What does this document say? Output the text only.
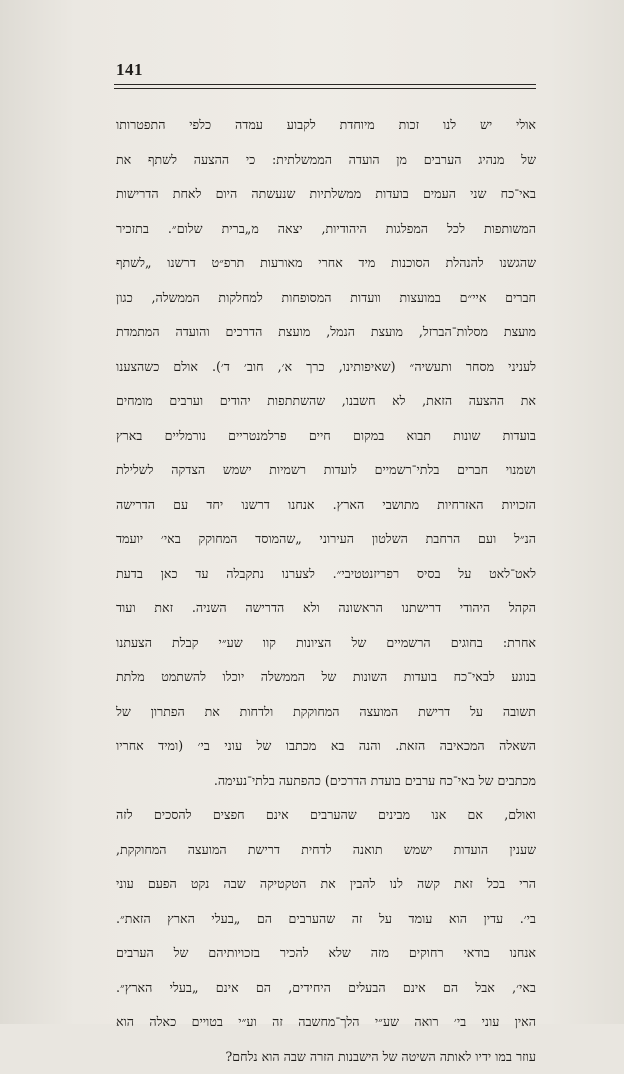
141
אולי יש לנו זכות מיוחדת לקבוע עמדה כלפי התפטרותו
של מנהיג הערבים מן הועדה הממשלתית: כי ההצעה לשתף את
באי־כח שני העמים בועדות ממשלתיות שנעשתה היום לאחת הדרישות
המשותפות לכל המפלגות היהודיות, יצאה מ„ברית שלום״. בתזכיר
שהגשנו להנהלת הסוכנות מיד אחרי מאורעות תרפ״ט דרשנו „לשתף
חברים איי״ם במועצות וועדות המסופחות למחלקות הממשלה, כגון
מועצת מסלות־הברזל, מועצת הנמל, מועצת הדרכים והועדה המתמדת
לעניני מסחר ותעשיה״ (שאיפותינו, כרך א׳, חוב׳ ד׳). אולם כשהצענו
את ההצעה הזאת, לא חשבנו, שהשתתפות יהודים וערבים מומחים
בועדות שונות תבוא במקום חיים פרלמנטריים נורמליים בארץ
ושמנוי חברים בלתי־רשמיים לועדות רשמיות ישמש הצדקה לשלילת
הזכויות האזרחיות מתושבי הארץ. אנחנו דרשנו יחד עם הדרישה
הנ״ל ועם הרחבת השלטון העירוני „שהמוסד המחוקק באי׳ יועמד
לאט־לאט על בסיס רפריזנטטיבי״. לצערנו נתקבלה עד כאן בדעת
הקהל היהודי דרישתנו הראשונה ולא הדרישה השניה. זאת ועוד
אחרת: בחוגים הרשמיים של הציונות קוו שע״י קבלת הצעתנו
בנוגע לבאי־כח בועדות השונות של הממשלה יוכלו להשתמט מלתת
תשובה על דרישת המועצה המחוקקת ולדחות את הפתרון של
השאלה המכאיבה הזאת. והנה בא מכתבו של עוני בי׳ (ומיד אחריו
מכתבים של באי־כח ערבים בועדת הדרכים) כהפתעה בלתי־נעימה.
ואולם, אם אנו מבינים שהערבים אינם חפצים להסכים לזה
שענין הועדות ישמש תואנה לדחית דרישת המועצה המחוקקת,
הרי בכל זאת קשה לנו להבין את הטקטיקה שבה נקט הפעם עוני
בי׳. עדין הוא עומד על זה שהערבים הם „בעלי הארץ הזאת״.
אנחנו בודאי רחוקים מזה שלא להכיר בזכויותיהם של הערבים
באי׳, אבל הם אינם הבעלים היחידים, הם אינם „בעלי הארץ״.
האין עוני בי׳ רואה שע״י הלך־מחשבה זה וע״י בטויים כאלה הוא
עוזר במו ידיו לאותה השיטה של הישבנות הזרה שבה הוא נלחם?
